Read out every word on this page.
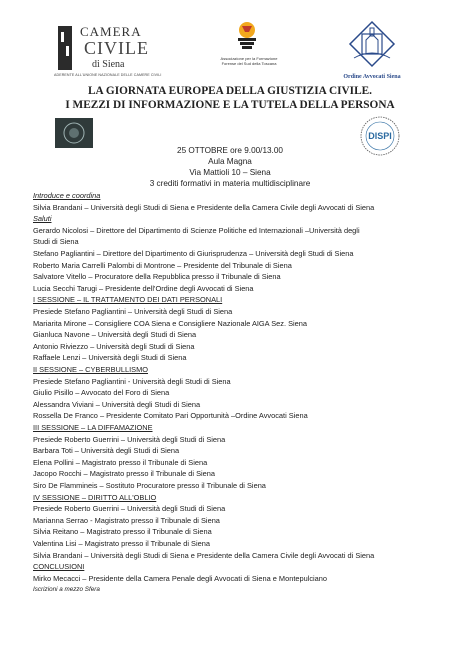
CAMERA
CIVILE
di Siena
ADERENTE ALL'UNIONE NAZIONALE DELLE CAMERE CIVILI
Associazione per la Formazione Forense del Sud della Toscana
Ordine Avvocati Siena
LA GIORNATA EUROPEA DELLA GIUSTIZIA CIVILE.
I MEZZI DI INFORMAZIONE E LA TUTELA DELLA PERSONA
DISPI
25 OTTOBRE ore 9.00/13.00
Aula Magna
Via Mattioli 10 – Siena
3 crediti formativi in materia multidisciplinare
Introduce e coordina
Silvia Brandani – Università degli Studi di Siena e Presidente della Camera Civile degli Avvocati di Siena
Saluti
Gerardo Nicolosi – Direttore del Dipartimento di Scienze Politiche ed Internazionali –Università degli
Studi di Siena
Stefano Pagliantini – Direttore del Dipartimento di Giurisprudenza – Università degli Studi di Siena
Roberto Maria Carrelli Palombi di Montrone – Presidente del Tribunale di Siena
Salvatore Vitello – Procuratore della Repubblica presso il Tribunale di Siena
Lucia Secchi Tarugi – Presidente dell'Ordine degli Avvocati di Siena
I SESSIONE – IL TRATTAMENTO DEI DATI PERSONALI
Presiede Stefano Pagliantini – Università degli Studi di Siena
Mariarita Mirone – Consigliere COA Siena e Consigliere Nazionale AIGA Sez. Siena
Gianluca Navone – Università degli Studi di Siena
Antonio Riviezzo – Università degli Studi di Siena
Raffaele Lenzi – Università degli Studi di Siena
II SESSIONE – CYBERBULLISMO
Presiede Stefano Pagliantini - Università degli Studi di Siena
Giulio Pisillo – Avvocato del Foro di Siena
Alessandra Viviani – Università degli Studi di Siena
Rossella De Franco – Presidente Comitato Pari Opportunità –Ordine Avvocati Siena
III SESSIONE – LA DIFFAMAZIONE
Presiede Roberto Guerrini – Università degli Studi di Siena
Barbara Toti – Università degli Studi di Siena
Elena Pollini – Magistrato presso il Tribunale di Siena
Jacopo Rocchi – Magistrato presso il Tribunale di Siena
Siro De Flammineis – Sostituto Procuratore presso il Tribunale di Siena
IV SESSIONE – DIRITTO ALL'OBLIO
Presiede Roberto Guerrini – Università degli Studi di Siena
Marianna Serrao - Magistrato presso il Tribunale di Siena
Silvia Reitano – Magistrato presso il Tribunale di Siena
Valentina Lisi – Magistrato presso il Tribunale di Siena
Silvia Brandani – Università degli Studi di Siena e Presidente della Camera Civile degli Avvocati di Siena
CONCLUSIONI
Mirko Mecacci – Presidente della Camera Penale degli Avvocati di Siena e Montepulciano
Iscrizioni a mezzo Sfera
